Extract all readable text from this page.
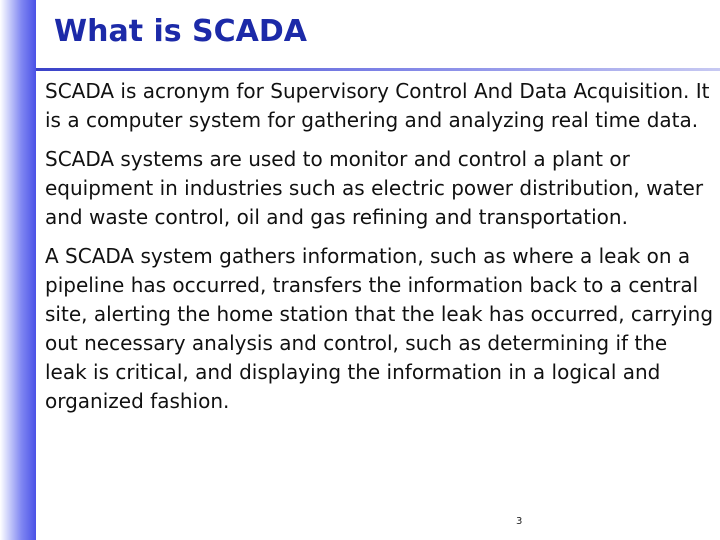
What is SCADA

SCADA is acronym for Supervisory Control And Data Acquisition. It is a computer system for gathering and analyzing real time data.

SCADA systems are used to monitor and control a plant or equipment in industries such as electric power distribution, water and waste control, oil and gas refining and transportation.

A SCADA system gathers information, such as where a leak on a pipeline has occurred, transfers the information back to a central site, alerting the home station that the leak has occurred, carrying out necessary analysis and control, such as determining if the leak is critical, and displaying the information in a logical and organized fashion.

3
